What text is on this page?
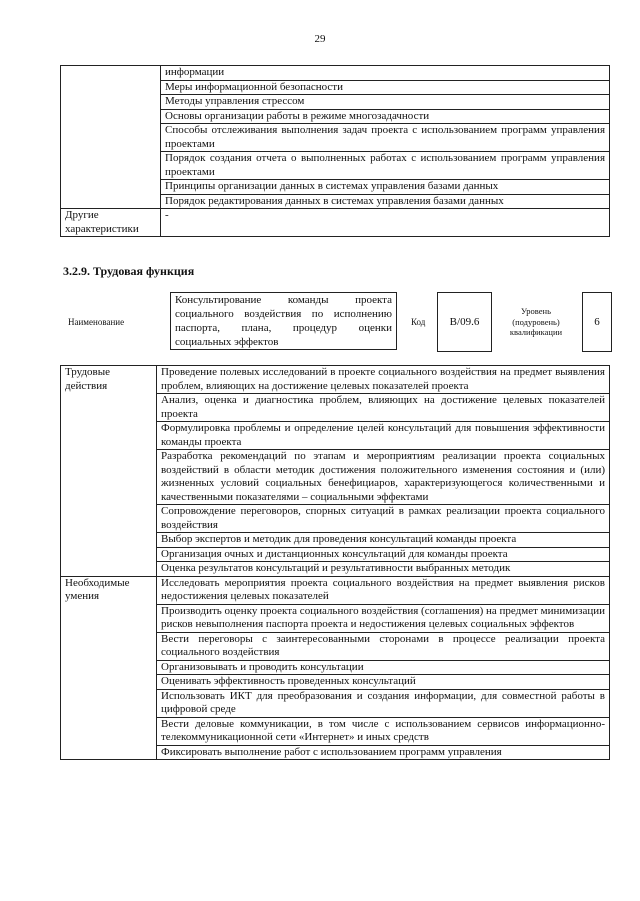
29
	информации
	Меры информационной безопасности
	Методы управления стрессом
	Основы организации работы в режиме многозадачности
	Способы отслеживания выполнения задач проекта с использованием программ управления проектами
	Порядок создания отчета о выполненных работах с использованием программ управления проектами
	Принципы организации данных в системах управления базами данных
	Порядок редактирования данных в системах управления базами данных
Другие характеристики	-
3.2.9. Трудовая функция
Наименование
Консультирование команды проекта социального воздействия по исполнению паспорта, плана, процедур оценки социальных эффектов
Код	B/09.6
Уровень (подуровень) квалификации
6
Трудовые действия	Проведение полевых исследований в проекте социального воздействия на предмет выявления проблем, влияющих на достижение целевых показателей проекта
	Анализ, оценка и диагностика проблем, влияющих на достижение целевых показателей проекта
	Формулировка проблемы и определение целей консультаций для повышения эффективности команды проекта
	Разработка рекомендаций по этапам и мероприятиям реализации проекта социальных воздействий в области методик достижения положительного изменения состояния и (или) жизненных условий социальных бенефициаров, характеризующегося количественными и качественными показателями – социальными эффектами
	Сопровождение переговоров, спорных ситуаций в рамках реализации проекта социального воздействия
	Выбор экспертов и методик для проведения консультаций команды проекта
	Организация очных и дистанционных консультаций для команды проекта
	Оценка результатов консультаций и результативности выбранных методик
Необходимые умения	Исследовать мероприятия проекта социального воздействия на предмет выявления рисков недостижения целевых показателей
	Производить оценку проекта социального воздействия (соглашения) на предмет минимизации рисков невыполнения паспорта проекта и недостижения целевых социальных эффектов
	Вести переговоры с заинтересованными сторонами в процессе реализации проекта социального воздействия
	Организовывать и проводить консультации
	Оценивать эффективность проведенных консультаций
	Использовать ИКТ для преобразования и создания информации, для совместной работы в цифровой среде
	Вести деловые коммуникации, в том числе с использованием сервисов информационно-телекоммуникационной сети «Интернет» и иных средств
	Фиксировать выполнение работ с использованием программ управления
